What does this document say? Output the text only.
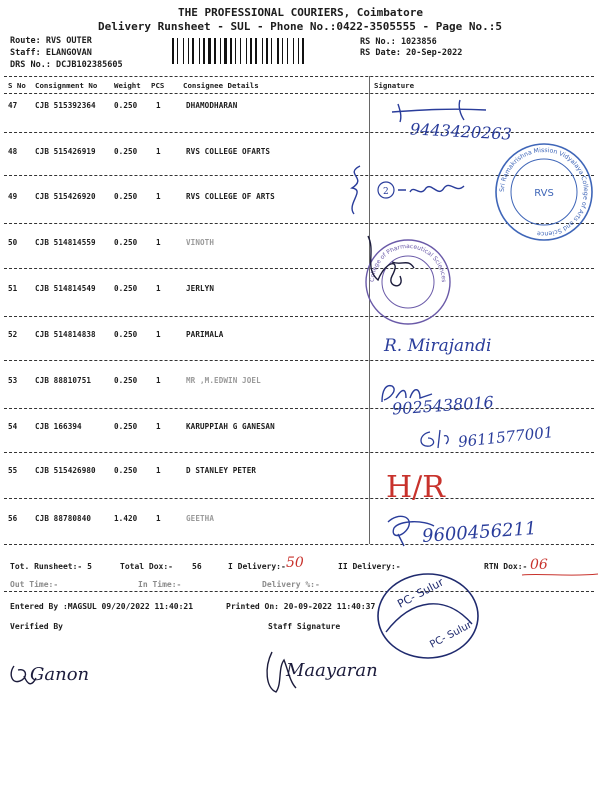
THE PROFESSIONAL COURIERS, Coimbatore
Delivery Runsheet - SUL - Phone No.:0422-3505555 - Page No.:5
Route: RVS OUTER
Staff: ELANGOVAN
DRS No.: DCJB102385605
RS No.: 1023856
RS Date: 20-Sep-2022
S No Consignment No Weight PCS	Consignee Details	Signature
47 CJB 515392364 0.250 1	DHAMODHARAN
48 CJB 515426919 0.250 1	RVS COLLEGE OFARTS
49 CJB 515426920 0.250 1	RVS COLLEGE OF ARTS
50 CJB 514814559 0.250 1	VINOTH
51 CJB 514814549 0.250 1	JERLYN
52 CJB 514814838 0.250 1	PARIMALA
53 CJB 88810751	0.250 1	MR ,M.EDWIN JOEL
54 CJB 166394	0.250 1	KARUPPIAH G GANESAN
55 CJB 515426980 0.250 1	D STANLEY PETER
56 CJB 88780840	1.420 1	GEETHA
9443420263
2	Sri Ramakrishna Mission Vidyalaya College of Arts and Science
RVS
College of Pharmaceutical Sciences
R. Mirajandi
9025438016
9611577001
H/R
9600456211
Tot. Runsheet:- 5	Total Dox:- 56	I Delivery:- 50	II Delivery:-	RTN Dox:- 06
Out Time:-	In Time:-	Delivery %:-
Entered By :MAGSUL 09/20/2022 11:40:21	Printed On: 20-09-2022 11:40:37
Verified By	Staff Signature
PC- Sulur
PC- Sulur
Ganon	Maayaran
